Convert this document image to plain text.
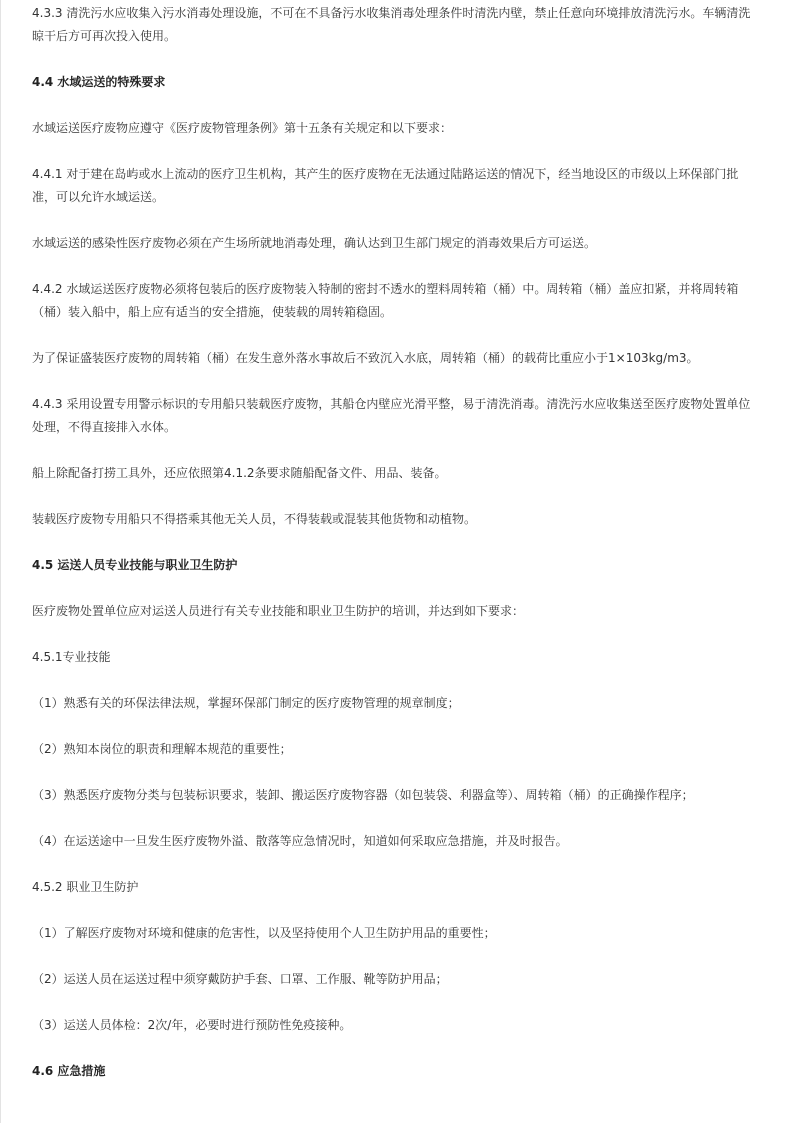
4.3.3 清洗污水应收集入污水消毒处理设施，不可在不具备污水收集消毒处理条件时清洗内壁，禁止任意向环境排放清洗污水。车辆清洗晾干后方可再次投入使用。

4.4 水域运送的特殊要求

水域运送医疗废物应遵守《医疗废物管理条例》第十五条有关规定和以下要求：

4.4.1 对于建在岛屿或水上流动的医疗卫生机构，其产生的医疗废物在无法通过陆路运送的情况下，经当地设区的市级以上环保部门批准，可以允许水域运送。

水域运送的感染性医疗废物必须在产生场所就地消毒处理，确认达到卫生部门规定的消毒效果后方可运送。

4.4.2 水域运送医疗废物必须将包装后的医疗废物装入特制的密封不透水的塑料周转箱（桶）中。周转箱（桶）盖应扣紧，并将周转箱（桶）装入船中，船上应有适当的安全措施，使装载的周转箱稳固。

为了保证盛装医疗废物的周转箱（桶）在发生意外落水事故后不致沉入水底，周转箱（桶）的载荷比重应小于1×103kg/m3。

4.4.3 采用设置专用警示标识的专用船只装载医疗废物，其船仓内壁应光滑平整，易于清洗消毒。清洗污水应收集送至医疗废物处置单位处理，不得直接排入水体。

船上除配备打捞工具外，还应依照第4.1.2条要求随船配备文件、用品、装备。

装载医疗废物专用船只不得搭乘其他无关人员，不得装载或混装其他货物和动植物。

4.5 运送人员专业技能与职业卫生防护

医疗废物处置单位应对运送人员进行有关专业技能和职业卫生防护的培训，并达到如下要求：

4.5.1专业技能

（1）熟悉有关的环保法律法规，掌握环保部门制定的医疗废物管理的规章制度；

（2）熟知本岗位的职责和理解本规范的重要性；

（3）熟悉医疗废物分类与包装标识要求，装卸、搬运医疗废物容器（如包装袋、利器盒等）、周转箱（桶）的正确操作程序；

（4）在运送途中一旦发生医疗废物外溢、散落等应急情况时，知道如何采取应急措施，并及时报告。

4.5.2 职业卫生防护

（1）了解医疗废物对环境和健康的危害性，以及坚持使用个人卫生防护用品的重要性；

（2）运送人员在运送过程中须穿戴防护手套、口罩、工作服、靴等防护用品；

（3）运送人员体检：2次/年，必要时进行预防性免疫接种。

4.6 应急措施
